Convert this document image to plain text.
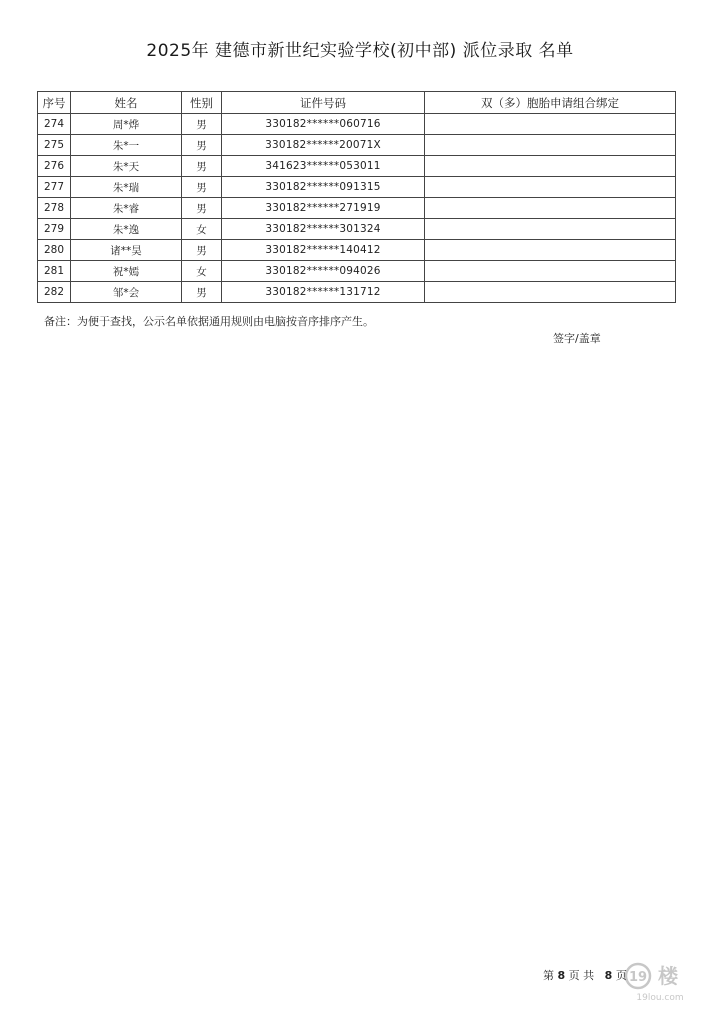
2025年 建德市新世纪实验学校(初中部) 派位录取 名单
序号	姓名	性别	证件号码	双（多）胞胎申请组合绑定
274	周*烨	男	330182******060716	
275	朱*一	男	330182******20071X	
276	朱*天	男	341623******053011	
277	朱*瑞	男	330182******091315	
278	朱*睿	男	330182******271919	
279	朱*逸	女	330182******301324	
280	诸**昊	男	330182******140412	
281	祝*嫣	女	330182******094026	
282	邹*会	男	330182******131712	
备注：为便于查找，公示名单依据通用规则由电脑按音序排序产生。
签字/盖章
第 8 页 共 8 页 19 楼
19lou.com
